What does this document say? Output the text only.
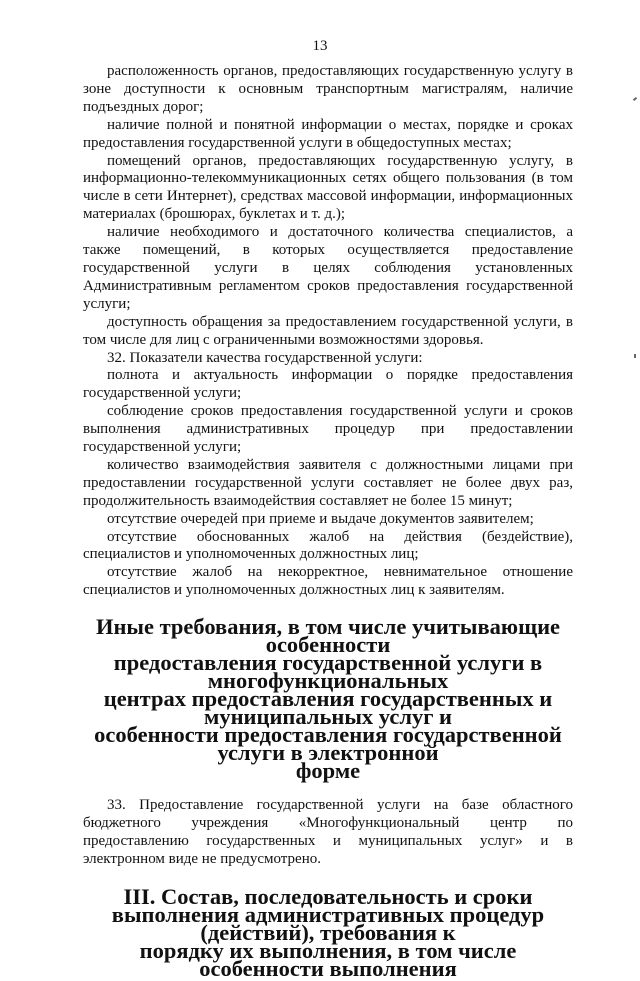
13

расположенность органов, предоставляющих государственную услугу в зоне доступности к основным транспортным магистралям, наличие подъездных дорог;

наличие полной и понятной информации о местах, порядке и сроках предоставления государственной услуги в общедоступных местах;

помещений органов, предоставляющих государственную услугу, в информационно-телекоммуникационных сетях общего пользования (в том числе в сети Интернет), средствах массовой информации, информационных материалах (брошюрах, буклетах и т. д.);

наличие необходимого и достаточного количества специалистов, а также помещений, в которых осуществляется предоставление государственной услуги в целях соблюдения установленных Административным регламентом сроков предоставления государственной услуги;

доступность обращения за предоставлением государственной услуги, в том числе для лиц с ограниченными возможностями здоровья.

32. Показатели качества государственной услуги:

полнота и актуальность информации о порядке предоставления государственной услуги;

соблюдение сроков предоставления государственной услуги и сроков выполнения административных процедур при предоставлении государственной услуги;

количество взаимодействия заявителя с должностными лицами при предоставлении государственной услуги составляет не более двух раз, продолжительность взаимодействия составляет не более 15 минут;

отсутствие очередей при приеме и выдаче документов заявителем;

отсутствие обоснованных жалоб на действия (бездействие), специалистов и уполномоченных должностных лиц;

отсутствие жалоб на некорректное, невнимательное отношение специалистов и уполномоченных должностных лиц к заявителям.

Иные требования, в том числе учитывающие особенности
предоставления государственной услуги в многофункциональных
центрах предоставления государственных и муниципальных услуг и
особенности предоставления государственной услуги в электронной
форме

33. Предоставление государственной услуги на базе областного бюджетного учреждения «Многофункциональный центр по предоставлению государственных и муниципальных услуг» и в электронном виде не предусмотрено.

III. Состав, последовательность и сроки
выполнения административных процедур (действий), требования к
порядку их выполнения, в том числе особенности выполнения
